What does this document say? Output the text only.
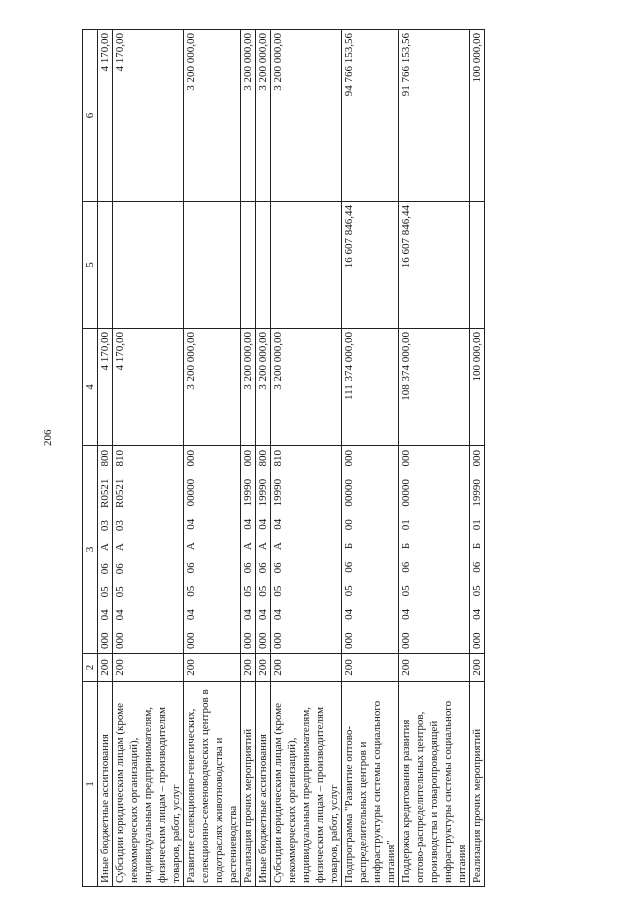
206
1
2
3
4
5
6
Иные бюджетные ассигнования
200
000
04
05
06
А
03
R0521
800
4 170,00
4 170,00
Субсидии юридическим лицам (кроме некоммерческих организаций), индивидуальным предпринимателям, физическим лицам – производителям товаров, работ, услуг
200
000
04
05
06
А
03
R0521
810
4 170,00
4 170,00
Развитие селекционно-генетических, селекционно-семеноводческих центров в подотраслях животноводства и растениеводства
200
000
04
05
06
А
04
00000
000
3 200 000,00
3 200 000,00
Реализация прочих мероприятий
200
000
04
05
06
А
04
19990
000
3 200 000,00
3 200 000,00
Иные бюджетные ассигнования
200
000
04
05
06
А
04
19990
800
3 200 000,00
3 200 000,00
Субсидии юридическим лицам (кроме некоммерческих организаций), индивидуальным предпринимателям, физическим лицам – производителям товаров, работ, услуг
200
000
04
05
06
А
04
19990
810
3 200 000,00
3 200 000,00
Подпрограмма "Развитие оптово-распределительных центров и инфраструктуры системы социального питания"
200
000
04
05
06
Б
00
00000
000
111 374 000,00
16 607 846,44
94 766 153,56
Поддержка кредитования развития оптово-распределительных центров, производства и товаропроводящей инфраструктуры системы социального питания
200
000
04
05
06
Б
01
00000
000
108 374 000,00
16 607 846,44
91 766 153,56
Реализация прочих мероприятий
200
000
04
05
06
Б
01
19990
000
100 000,00
100 000,00
